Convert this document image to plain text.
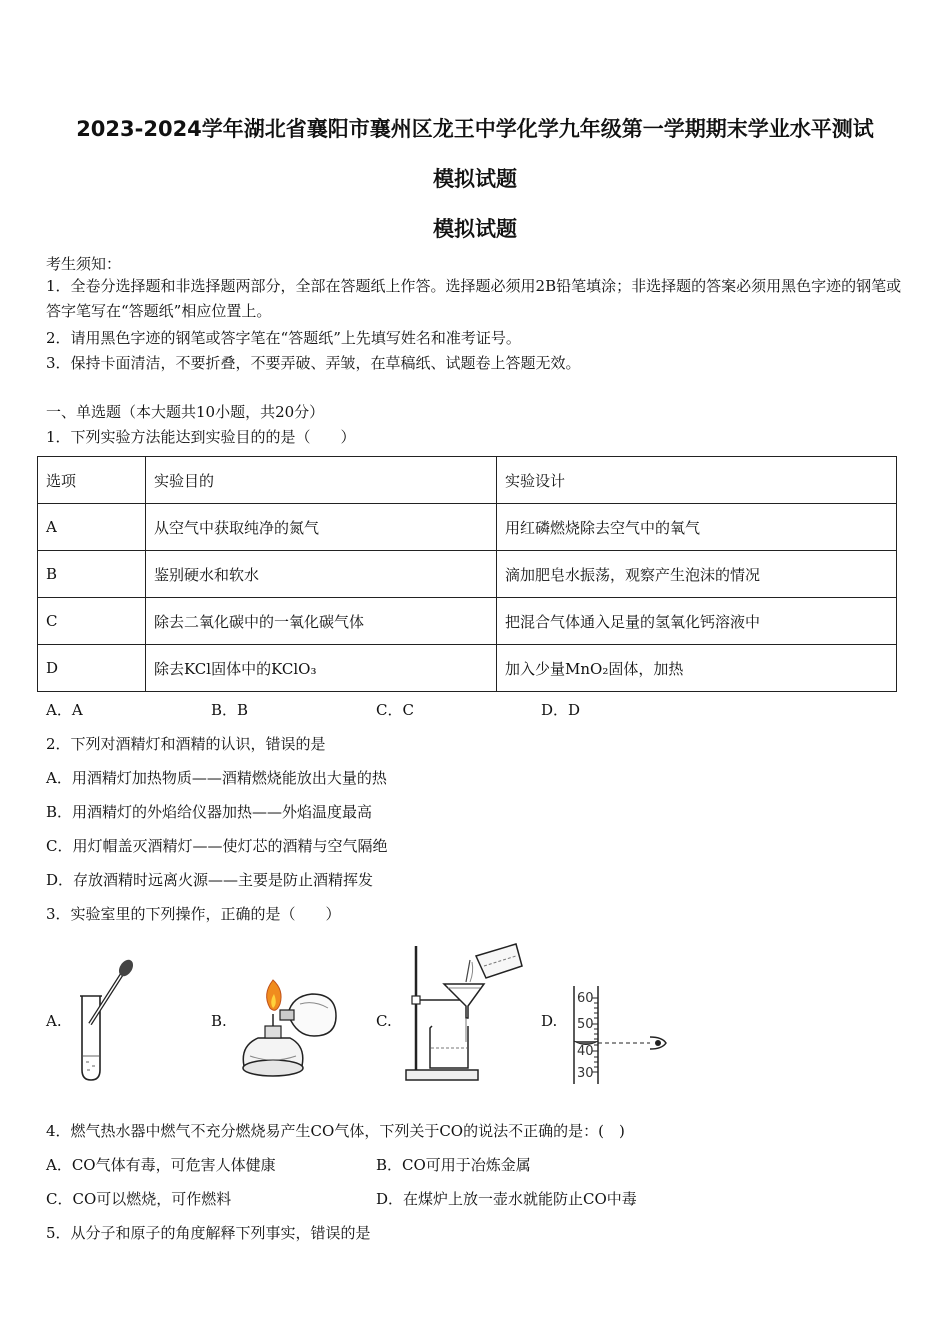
2023-2024学年湖北省襄阳市襄州区龙王中学化学九年级第一学期期末学业水平测试
模拟试题
模拟试题
考生须知：
1．全卷分选择题和非选择题两部分，全部在答题纸上作答。选择题必须用2B铅笔填涂；非选择题的答案必须用黑色字迹的钢笔或答字笔写在“答题纸”相应位置上。
2．请用黑色字迹的钢笔或答字笔在“答题纸”上先填写姓名和准考证号。
3．保持卡面清洁，不要折叠，不要弄破、弄皱，在草稿纸、试题卷上答题无效。
一、单选题（本大题共10小题，共20分）
1．下列实验方法能达到实验目的的是（　　）
选项	实验目的	实验设计
A	从空气中获取纯净的氮气	用红磷燃烧除去空气中的氧气
B	鉴别硬水和软水	滴加肥皂水振荡，观察产生泡沫的情况
C	除去二氧化碳中的一氧化碳气体	把混合气体通入足量的氢氧化钙溶液中
D	除去KCl固体中的KClO₃	加入少量MnO₂固体，加热
A．A	B．B	C．C	D．D
2．下列对酒精灯和酒精的认识，错误的是
A．用酒精灯加热物质——酒精燃烧能放出大量的热
B．用酒精灯的外焰给仪器加热——外焰温度最高
C．用灯帽盖灭酒精灯——使灯芯的酒精与空气隔绝
D．存放酒精时远离火源——主要是防止酒精挥发
3．实验室里的下列操作，正确的是（　　）
A.	B.	C.	D.
60
50
40
30
4．燃气热水器中燃气不充分燃烧易产生CO气体，下列关于CO的说法不正确的是：(　)
A．CO气体有毒，可危害人体健康	B．CO可用于冶炼金属
C．CO可以燃烧，可作燃料	D．在煤炉上放一壶水就能防止CO中毒
5．从分子和原子的角度解释下列事实，错误的是
